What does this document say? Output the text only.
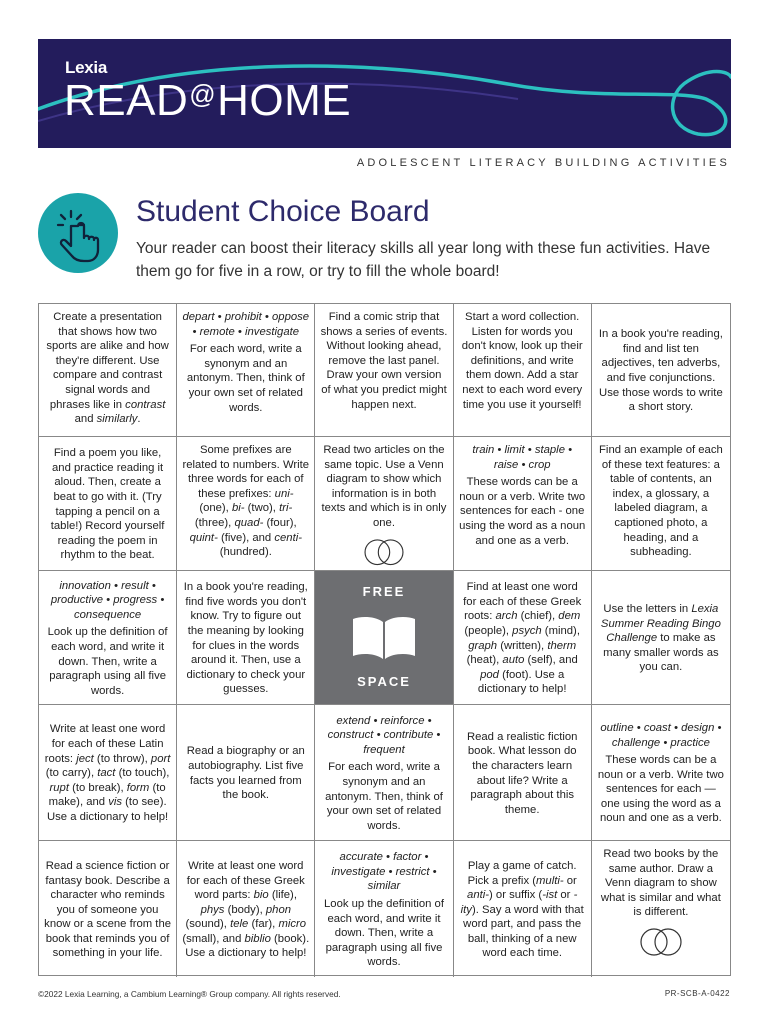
Lexia
READ@HOME
ADOLESCENT LITERACY BUILDING ACTIVITIES
Student Choice Board
Your reader can boost their literacy skills all year long with these fun activities. Have them go for five in a row, or try to fill the whole board!

Create a presentation that shows how two sports are alike and how they're different. Use compare and contrast signal words and phrases like in contrast and similarly.

depart • prohibit • oppose • remote • investigate

For each word, write a synonym and an antonym. Then, think of your own set of related words.

Find a comic strip that shows a series of events. Without looking ahead, remove the last panel. Draw your own version of what you predict might happen next.

Start a word collection. Listen for words you don't know, look up their definitions, and write them down. Add a star next to each word every time you use it yourself!

In a book you're reading, find and list ten adjectives, ten adverbs, and five conjunctions. Use those words to write a short story.

Find a poem you like, and practice reading it aloud. Then, create a beat to go with it. (Try tapping a pencil on a table!) Record yourself reading the poem in rhythm to the beat.

Some prefixes are related to numbers. Write three words for each of these prefixes: uni- (one), bi- (two), tri- (three), quad- (four), quint- (five), and centi- (hundred).

Read two articles on the same topic. Use a Venn diagram to show which information is in both texts and which is in only one.

train • limit • staple • raise • crop

These words can be a noun or a verb. Write two sentences for each - one using the word as a noun and one as a verb.

Find an example of each of these text features: a table of contents, an index, a glossary, a labeled diagram, a captioned photo, a heading, and a subheading.

innovation • result • productive • progress • consequence

Look up the definition of each word, and write it down. Then, write a paragraph using all five words.

In a book you're reading, find five words you don't know. Try to figure out the meaning by looking for clues in the words around it. Then, use a dictionary to check your guesses.

FREE
SPACE

Find at least one word for each of these Greek roots: arch (chief), dem (people), psych (mind), graph (written), therm (heat), auto (self), and pod (foot). Use a dictionary to help!

Use the letters in Lexia Summer Reading Bingo Challenge to make as many smaller words as you can.

Write at least one word for each of these Latin roots: ject (to throw), port (to carry), tact (to touch), rupt (to break), form (to make), and vis (to see). Use a dictionary to help!

Read a biography or an autobiography. List five facts you learned from the book.

extend • reinforce • construct • contribute • frequent

For each word, write a synonym and an antonym. Then, think of your own set of related words.

Read a realistic fiction book. What lesson do the characters learn about life? Write a paragraph about this theme.

outline • coast • design • challenge • practice

These words can be a noun or a verb. Write two sentences for each — one using the word as a noun and one as a verb.

Read a science fiction or fantasy book. Describe a character who reminds you of someone you know or a scene from the book that reminds you of something in your life.

Write at least one word for each of these Greek word parts: bio (life), phys (body), phon (sound), tele (far), micro (small), and biblio (book). Use a dictionary to help!

accurate • factor • investigate • restrict • similar

Look up the definition of each word, and write it down. Then, write a paragraph using all five words.

Play a game of catch. Pick a prefix (multi- or anti-) or suffix (-ist or -ity). Say a word with that word part, and pass the ball, thinking of a new word each time.

Read two books by the same author. Draw a Venn diagram to show what is similar and what is different.

©2022 Lexia Learning, a Cambium Learning® Group company. All rights reserved.	PR-SCB-A-0422
